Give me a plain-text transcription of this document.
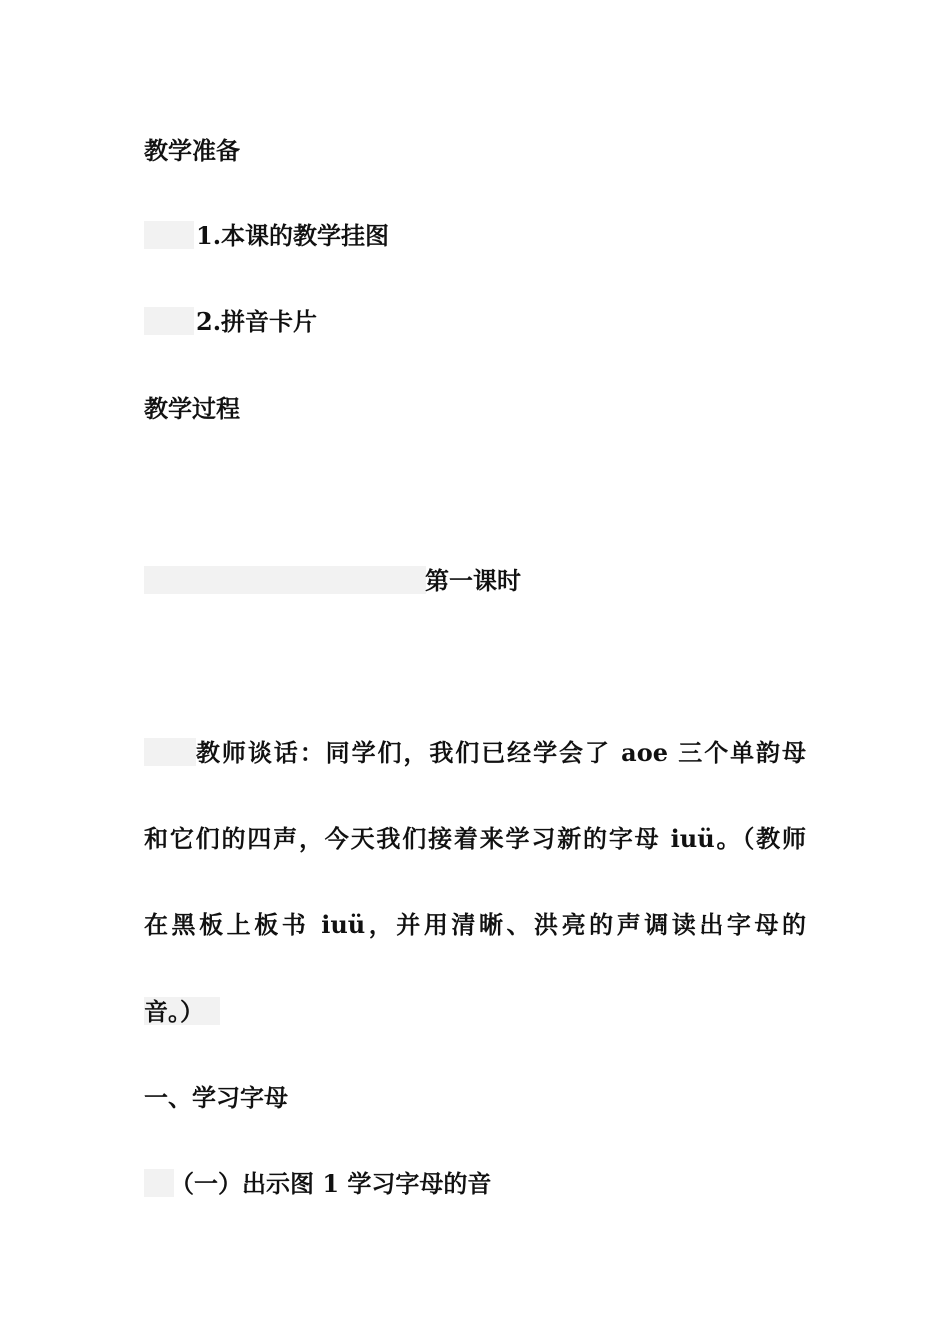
教学准备
1.本课的教学挂图
2.拼音卡片
教学过程
第一课时
教师谈话：同学们，我们已经学会了 aoe 三个单韵母
和它们的四声，今天我们接着来学习新的字母 iuü。（教师
在黑板上板书 iuü，并用清晰、洪亮的声调读出字母的
音。）
一、学习字母
（一）出示图 1 学习字母的音
